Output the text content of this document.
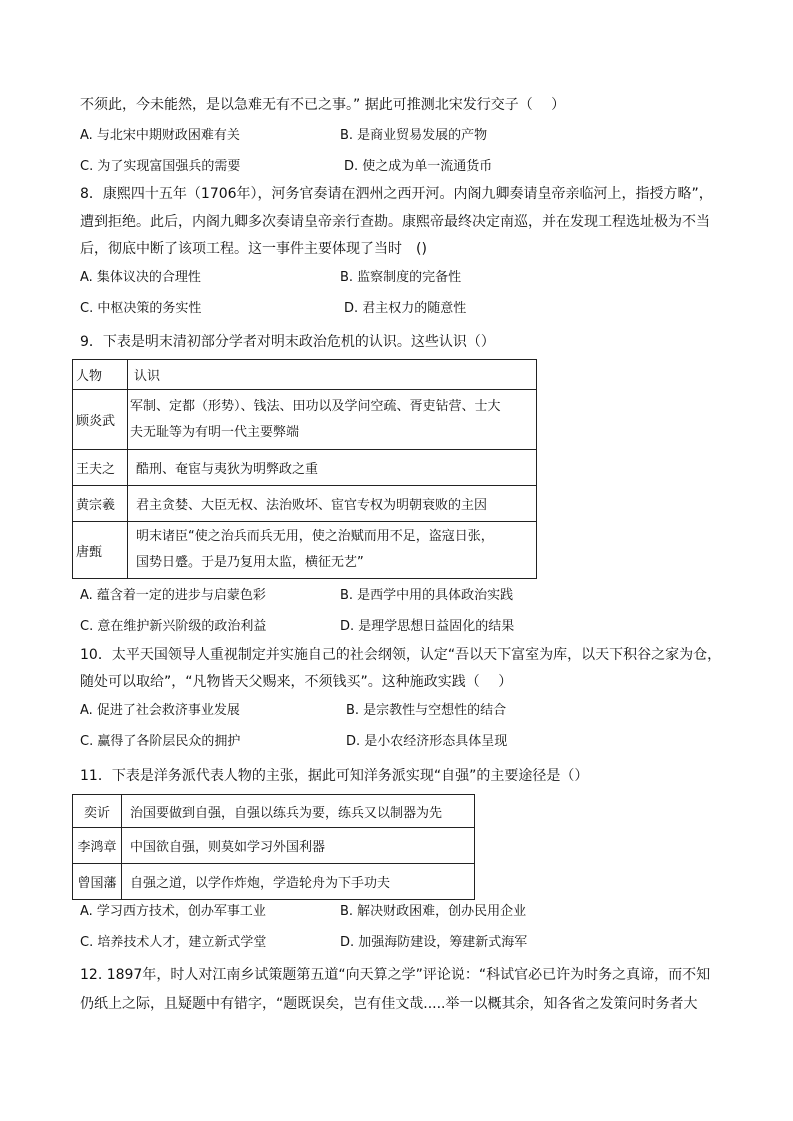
不须此，今未能然，是以急难无有不已之事。” 据此可推测北宋发行交子（　 ）
A. 与北宋中期财政困难有关	B. 是商业贸易发展的产物
C. 为了实现富国强兵的需要	D. 使之成为单一流通货币
8．康熙四十五年（1706年），河务官奏请在泗州之西开河。内阁九卿奏请皇帝亲临河上，指授方略”，
遭到拒绝。此后，内阁九卿多次奏请皇帝亲行查勘。康熙帝最终决定南巡，并在发现工程选址极为不当
后，彻底中断了该项工程。这一事件主要体现了当时　()
A. 集体议决的合理性	B. 监察制度的完备性
C. 中枢决策的务实性	D. 君主权力的随意性
9．下表是明末清初部分学者对明末政治危机的认识。这些认识（）
人物	认识
顾炎武	军制、定都（形势）、钱法、田功以及学问空疏、胥吏钻营、士大
夫无耻等为有明一代主要弊端

王夫之	酷刑、奄宦与夷狄为明弊政之重
黄宗羲	君主贪婪、大臣无权、法治败坏、宦官专权为明朝衰败的主因
唐甄	明末诸臣“使之治兵而兵无用，使之治赋而用不足，盗寇日张，
国势日蹙。于是乃复用太监，横征无艺”
A. 蕴含着一定的进步与启蒙色彩	B. 是西学中用的具体政治实践
C. 意在维护新兴阶级的政治利益	D. 是理学思想日益固化的结果
10．太平天国领导人重视制定并实施自己的社会纲领，认定“吾以天下富室为库，以天下积谷之家为仓，
随处可以取给”，“凡物皆天父赐来，不须钱买”。这种施政实践（　 ）
A. 促进了社会救济事业发展	B. 是宗教性与空想性的结合
C. 赢得了各阶层民众的拥护	D. 是小农经济形态具体呈现
11．下表是洋务派代表人物的主张，据此可知洋务派实现“自强”的主要途径是（）
奕䜣	治国要做到自强，自强以练兵为要，练兵又以制器为先
李鸿章	中国欲自强，则莫如学习外国利器
曾国藩	自强之道，以学作炸炮，学造轮舟为下手功夫
A. 学习西方技术，创办军事工业	B. 解决财政困难，创办民用企业
C. 培养技术人才，建立新式学堂	D. 加强海防建设，筹建新式海军
12. 1897年，时人对江南乡试策题第五道“向天算之学”评论说：“科试官必已许为时务之真谛，而不知
仍纸上之际，且疑题中有错字，“题既误矣，岂有佳文哉.....举一以概其余，知各省之发策问时务者大
